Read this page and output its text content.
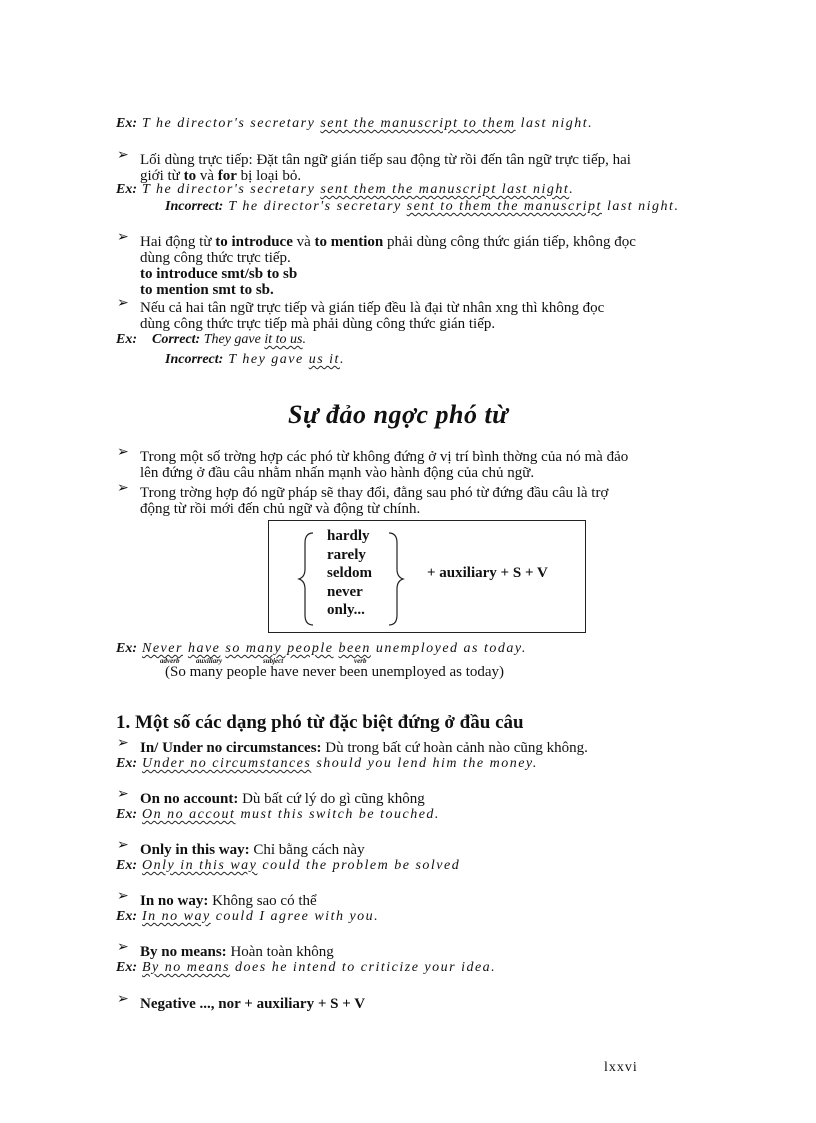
Ex: T he director's secretary sent the manuscript to them last night.
➢ Lối dùng trực tiếp: Đặt tân ngữ gián tiếp sau động từ rồi đến tân ngữ trực tiếp, hai
giới từ to và for bị loại bỏ.
Ex: T he director's secretary sent them the manuscript last night.
Incorrect: T he director's secretary sent to them the manuscript last night.
➢ Hai động từ to introduce và to mention phải dùng công thức gián tiếp, không đọc
dùng công thức trực tiếp.
to introduce smt/sb to sb
to mention smt to sb.
➢ Nếu cả hai tân ngữ trực tiếp và gián tiếp đều là đại từ nhân xng thì không đọc
dùng công thức trực tiếp mà phải dùng công thức gián tiếp.
Ex: Correct: They gave it to us.
Incorrect: T hey gave us it.
Sự đảo ngợc phó từ
➢ Trong một số trờng hợp các phó từ không đứng ở vị trí bình thờng của nó mà đảo
lên đứng ở đầu câu nhằm nhấn mạnh vào hành động của chủ ngữ.
➢ Trong trờng hợp đó ngữ pháp sẽ thay đổi, đằng sau phó từ đứng đầu câu là trợ
động từ rồi mới đến chủ ngữ và động từ chính.
hardly
rarely
seldom
never
only...
+ auxiliary + S + V
Ex: Never have so many people been unemployed as today.
adverb auxiliary	subject	verb
(So many people have never been unemployed as today)
1. Một số các dạng phó từ đặc biệt đứng ở đầu câu
➢ In/ Under no circumstances: Dù trong bất cứ hoàn cảnh nào cũng không.
Ex: Under no circumstances should you lend him the money.
➢ On no account: Dù bất cứ lý do gì cũng không
Ex: On no accout must this switch be touched.
➢ Only in this way: Chỉ bằng cách này
Ex: Only in this way could the problem be solved
➢ In no way: Không sao có thể
Ex: In no way could I agree with you.
➢ By no means: Hoàn toàn không
Ex: By no means does he intend to criticize your idea.
➢ Negative ..., nor + auxiliary + S + V
lxxvi
